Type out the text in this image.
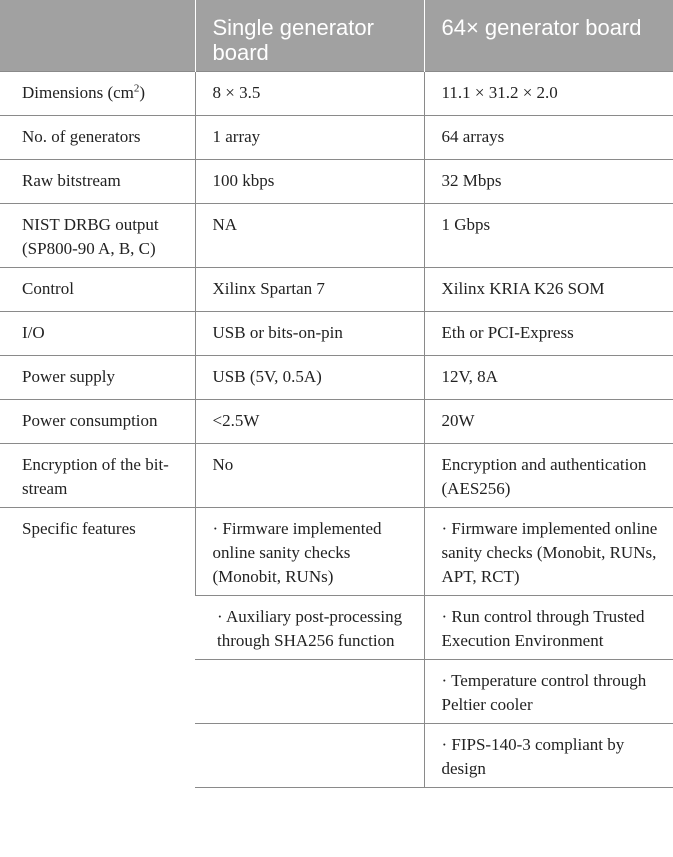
	Single generator board	64× generator board
Dimensions $(cm^2)$	8 × 3.5	11.1 × 31.2 × 2.0
No. of generators	1 array	64 arrays
Raw bitstream	100 kbps	32 Mbps
NIST DRBG output (SP800-90 A, B, C)	NA	1 Gbps
Control	Xilinx Spartan 7	Xilinx KRIA K26 SOM
I/O	USB or bits-on-pin	Eth or PCI-Express
Power supply	USB (5V, 0.5A)	12V, 8A
Power consumption	<2.5W	20W
Encryption of the bit-stream	No	Encryption and authentication (AES256)
Specific features	· Firmware implemented online sanity checks (Monobit, RUNs)	· Firmware implemented online sanity checks (Monobit, RUNs, APT, RCT)
	· Auxiliary post-processing through SHA256 function	· Run control through Trusted Execution Environment
		· Temperature control through Peltier cooler
		· FIPS-140-3 compliant by design
